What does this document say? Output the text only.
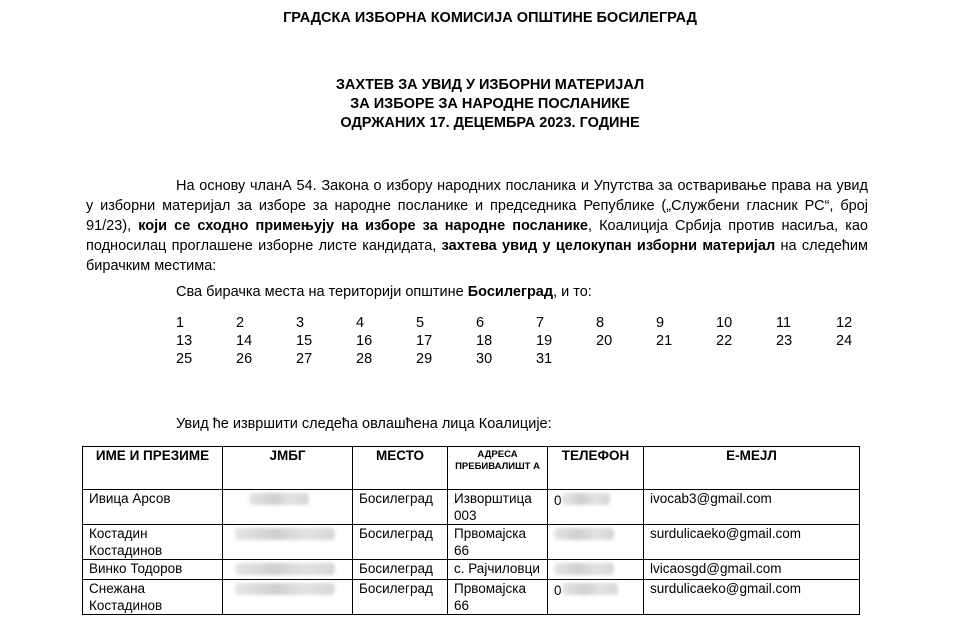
ГРАДСКА ИЗБОРНА КОМИСИЈА ОПШТИНЕ БОСИЛЕГРАД
ЗАХТЕВ ЗА УВИД У ИЗБОРНИ МАТЕРИЈАЛ
ЗА ИЗБОРЕ ЗА НАРОДНЕ ПОСЛАНИКЕ
ОДРЖАНИХ 17. ДЕЦЕМБРА 2023. ГОДИНЕ
На основу чланА 54. Закона о избору народних посланика и Упутства за остваривање права на увид у изборни материјал за изборе за народне посланике и председника Републике („Службени гласник РС“, број 91/23), који се сходно примењују на изборе за народне посланике, Коалиција Србија против насиља, као подносилац проглашене изборне листе кандидата, захтева увид у целокупан изборни материјал на следећим бирачким местима:
Сва бирачка места на територији општине Босилеград, и то:
1	2	3	4	5	6	7	8	9	10	11	12
13	14	15	16	17	18	19	20	21	22	23	24
25	26	27	28	29	30	31
Увид ће извршити следећа овлашћена лица Коалиције:
ИМЕ И ПРЕЗИМЕ	ЈМБГ	МЕСТО	АДРЕСА ПРЕБИВАЛИШТ А	ТЕЛЕФОН	Е-МЕЈЛ
Ивица Арсов		Босилеград	Изворштица 003	0	ivocab3@gmail.com
Костадин Костадинов		Босилеград	Првомајска 66		surdulicaeko@gmail.com
Винко Тодоров		Босилеград	с. Рајчиловци		lvicaosgd@gmail.com
Снежана Костадинов		Босилеград	Првомајска 66	0	surdulicaeko@gmail.com
